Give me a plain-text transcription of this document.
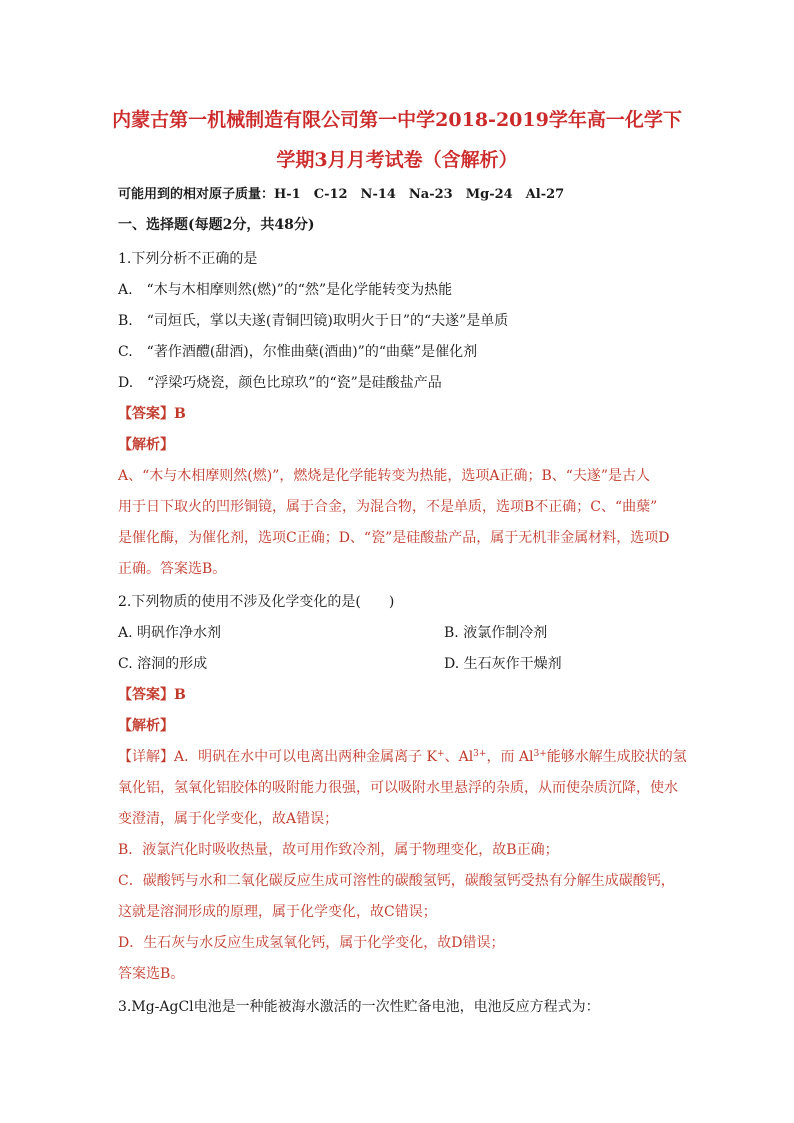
内蒙古第一机械制造有限公司第一中学2018-2019学年高一化学下
学期3月月考试卷（含解析）
可能用到的相对原子质量：H-1　C-12　N-14　Na-23　Mg-24　Al-27
一、选择题(每题2分，共48分)
1.下列分析不正确的是
A.　“木与木相摩则然(燃)”的“然”是化学能转变为热能
B.　“司烜氏，掌以夫遂(青铜凹镜)取明火于日”的“夫遂”是单质
C.　“著作酒醴(甜酒)，尔惟曲蘖(酒曲)”的“曲蘖”是催化剂
D.　“浮梁巧烧瓷，颜色比琼玖”的“瓷”是硅酸盐产品
【答案】B
【解析】
A、“木与木相摩则然(燃)”，燃烧是化学能转变为热能，选项A正确；B、“夫遂”是古人
用于日下取火的凹形铜镜，属于合金，为混合物，不是单质，选项B不正确；C、“曲蘖”
是催化酶，为催化剂，选项C正确；D、“瓷”是硅酸盐产品，属于无机非金属材料，选项D
正确。答案选B。
2.下列物质的使用不涉及化学变化的是(　　)
A. 明矾作净水剂	B. 液氯作制冷剂
C. 溶洞的形成	D. 生石灰作干燥剂
【答案】B
【解析】
【详解】A．明矾在水中可以电离出两种金属离子 K+、$Al^{3+}$，而 $Al^{3+}$能够水解生成胶状的氢
氧化铝，氢氧化铝胶体的吸附能力很强，可以吸附水里悬浮的杂质，从而使杂质沉降，使水
变澄清，属于化学变化，故A错误；
B．液氯汽化时吸收热量，故可用作致冷剂，属于物理变化，故B正确；
C．碳酸钙与水和二氧化碳反应生成可溶性的碳酸氢钙，碳酸氢钙受热有分解生成碳酸钙，
这就是溶洞形成的原理，属于化学变化，故C错误；
D．生石灰与水反应生成氢氧化钙，属于化学变化，故D错误；
答案选B。
3.Mg-AgCl电池是一种能被海水激活的一次性贮备电池，电池反应方程式为：
